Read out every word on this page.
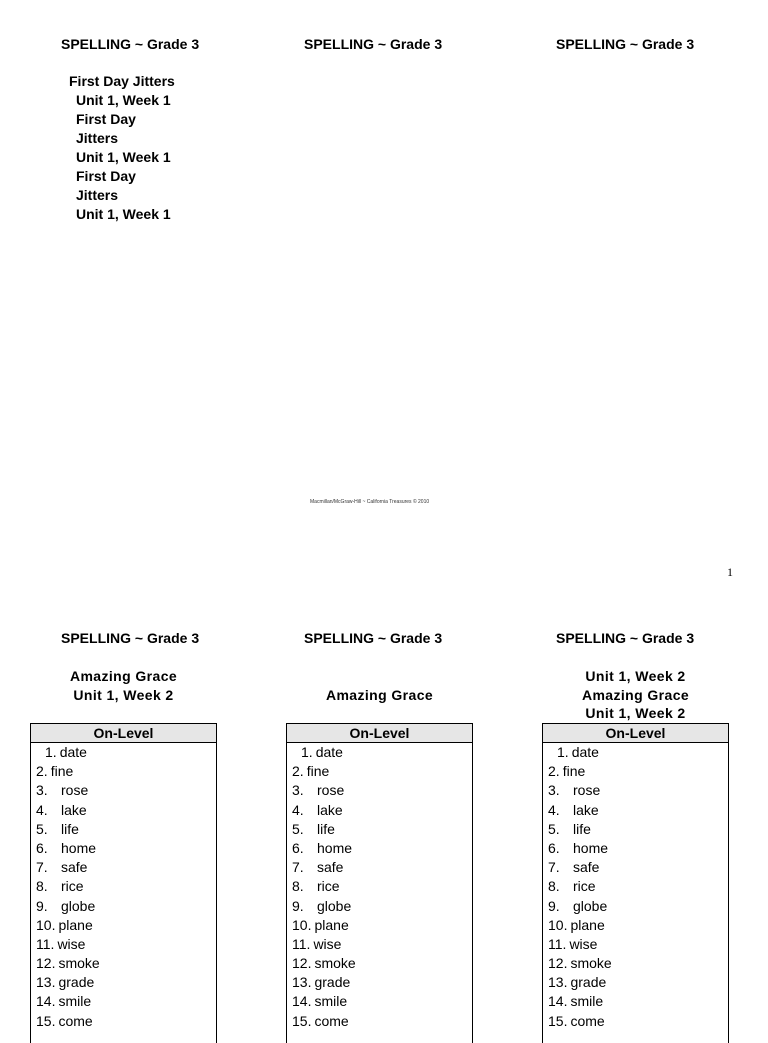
SPELLING ~ Grade 3	SPELLING ~ Grade 3	SPELLING ~ Grade 3
First Day Jitters
Unit 1, Week 1
First Day
Jitters
Unit 1, Week 1
First Day
Jitters
Unit 1, Week 1
Macmillan/McGraw-Hill ~ California Treasures © 2010
1
SPELLING ~ Grade 3	SPELLING ~ Grade 3	SPELLING ~ Grade 3
Amazing Grace
Unit 1, Week 2	Amazing Grace
Unit 1, Week 2
Amazing Grace
Unit 1, Week 2
On-Level
1. date
2. fine
3. rose
4. lake
5. life
6. home
7. safe
8. rice
9. globe
10. plane
11. wise
12. smoke
13. grade
14. smile
15. come
On-Level
1. date
2. fine
3. rose
4. lake
5. life
6. home
7. safe
8. rice
9. globe
10. plane
11. wise
12. smoke
13. grade
14. smile
15. come
On-Level
1. date
2. fine
3. rose
4. lake
5. life
6. home
7. safe
8. rice
9. globe
10. plane
11. wise
12. smoke
13. grade
14. smile
15. come
